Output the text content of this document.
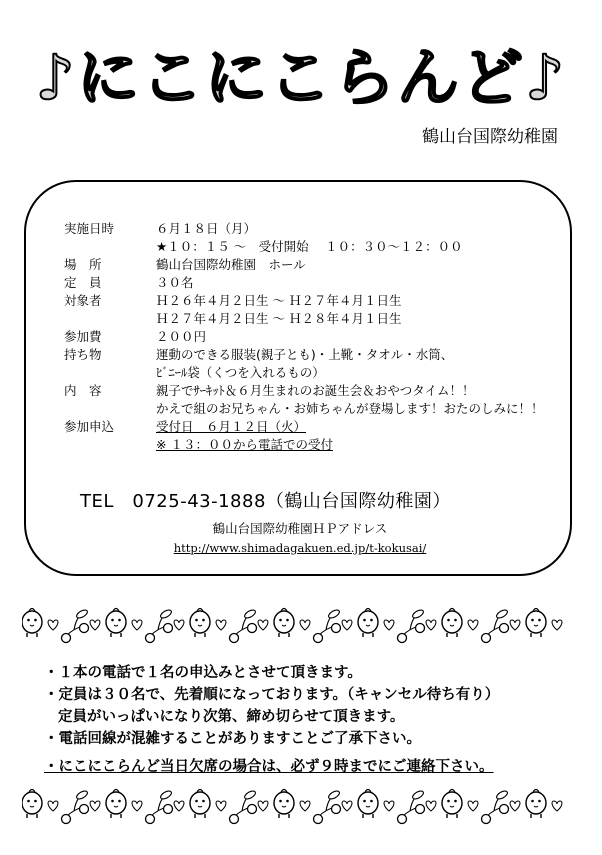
♪にこにこらんど♪
鶴山台国際幼稚園
実施日時	６月１８日（月）
★１０：１５ ～　受付開始　 １０：３０～１２：００
場　所	鶴山台国際幼稚園　ホール
定　員	３０名
対象者	Ｈ２６年４月２日生 ～ Ｈ２７年４月１日生
Ｈ２７年４月２日生 ～ Ｈ２８年４月１日生
参加費	２００円
持ち物	運動のできる服装(親子とも)・上靴・タオル・水筒、
ﾋﾞﾆｰﾙ袋（くつを入れるもの）
内　容	親子でｻｰｷｯﾄ＆６月生まれのお誕生会＆おやつタイム！！
かえで組のお兄ちゃん・お姉ちゃんが登場します！おたのしみに！！
参加申込	受付日　６月１２日（火）
※ １３：００から電話での受付
TEL　0725-43-1888（鶴山台国際幼稚園）
鶴山台国際幼稚園ＨＰアドレス
http://www.shimadagakuen.ed.jp/t-kokusai/
・１本の電話で１名の申込みとさせて頂きます。
・定員は３０名で、先着順になっております。（キャンセル待ち有り）
定員がいっぱいになり次第、締め切らせて頂きます。
・電話回線が混雑することがありますことご了承下さい。
・にこにこらんど当日欠席の場合は、必ず９時までにご連絡下さい。
